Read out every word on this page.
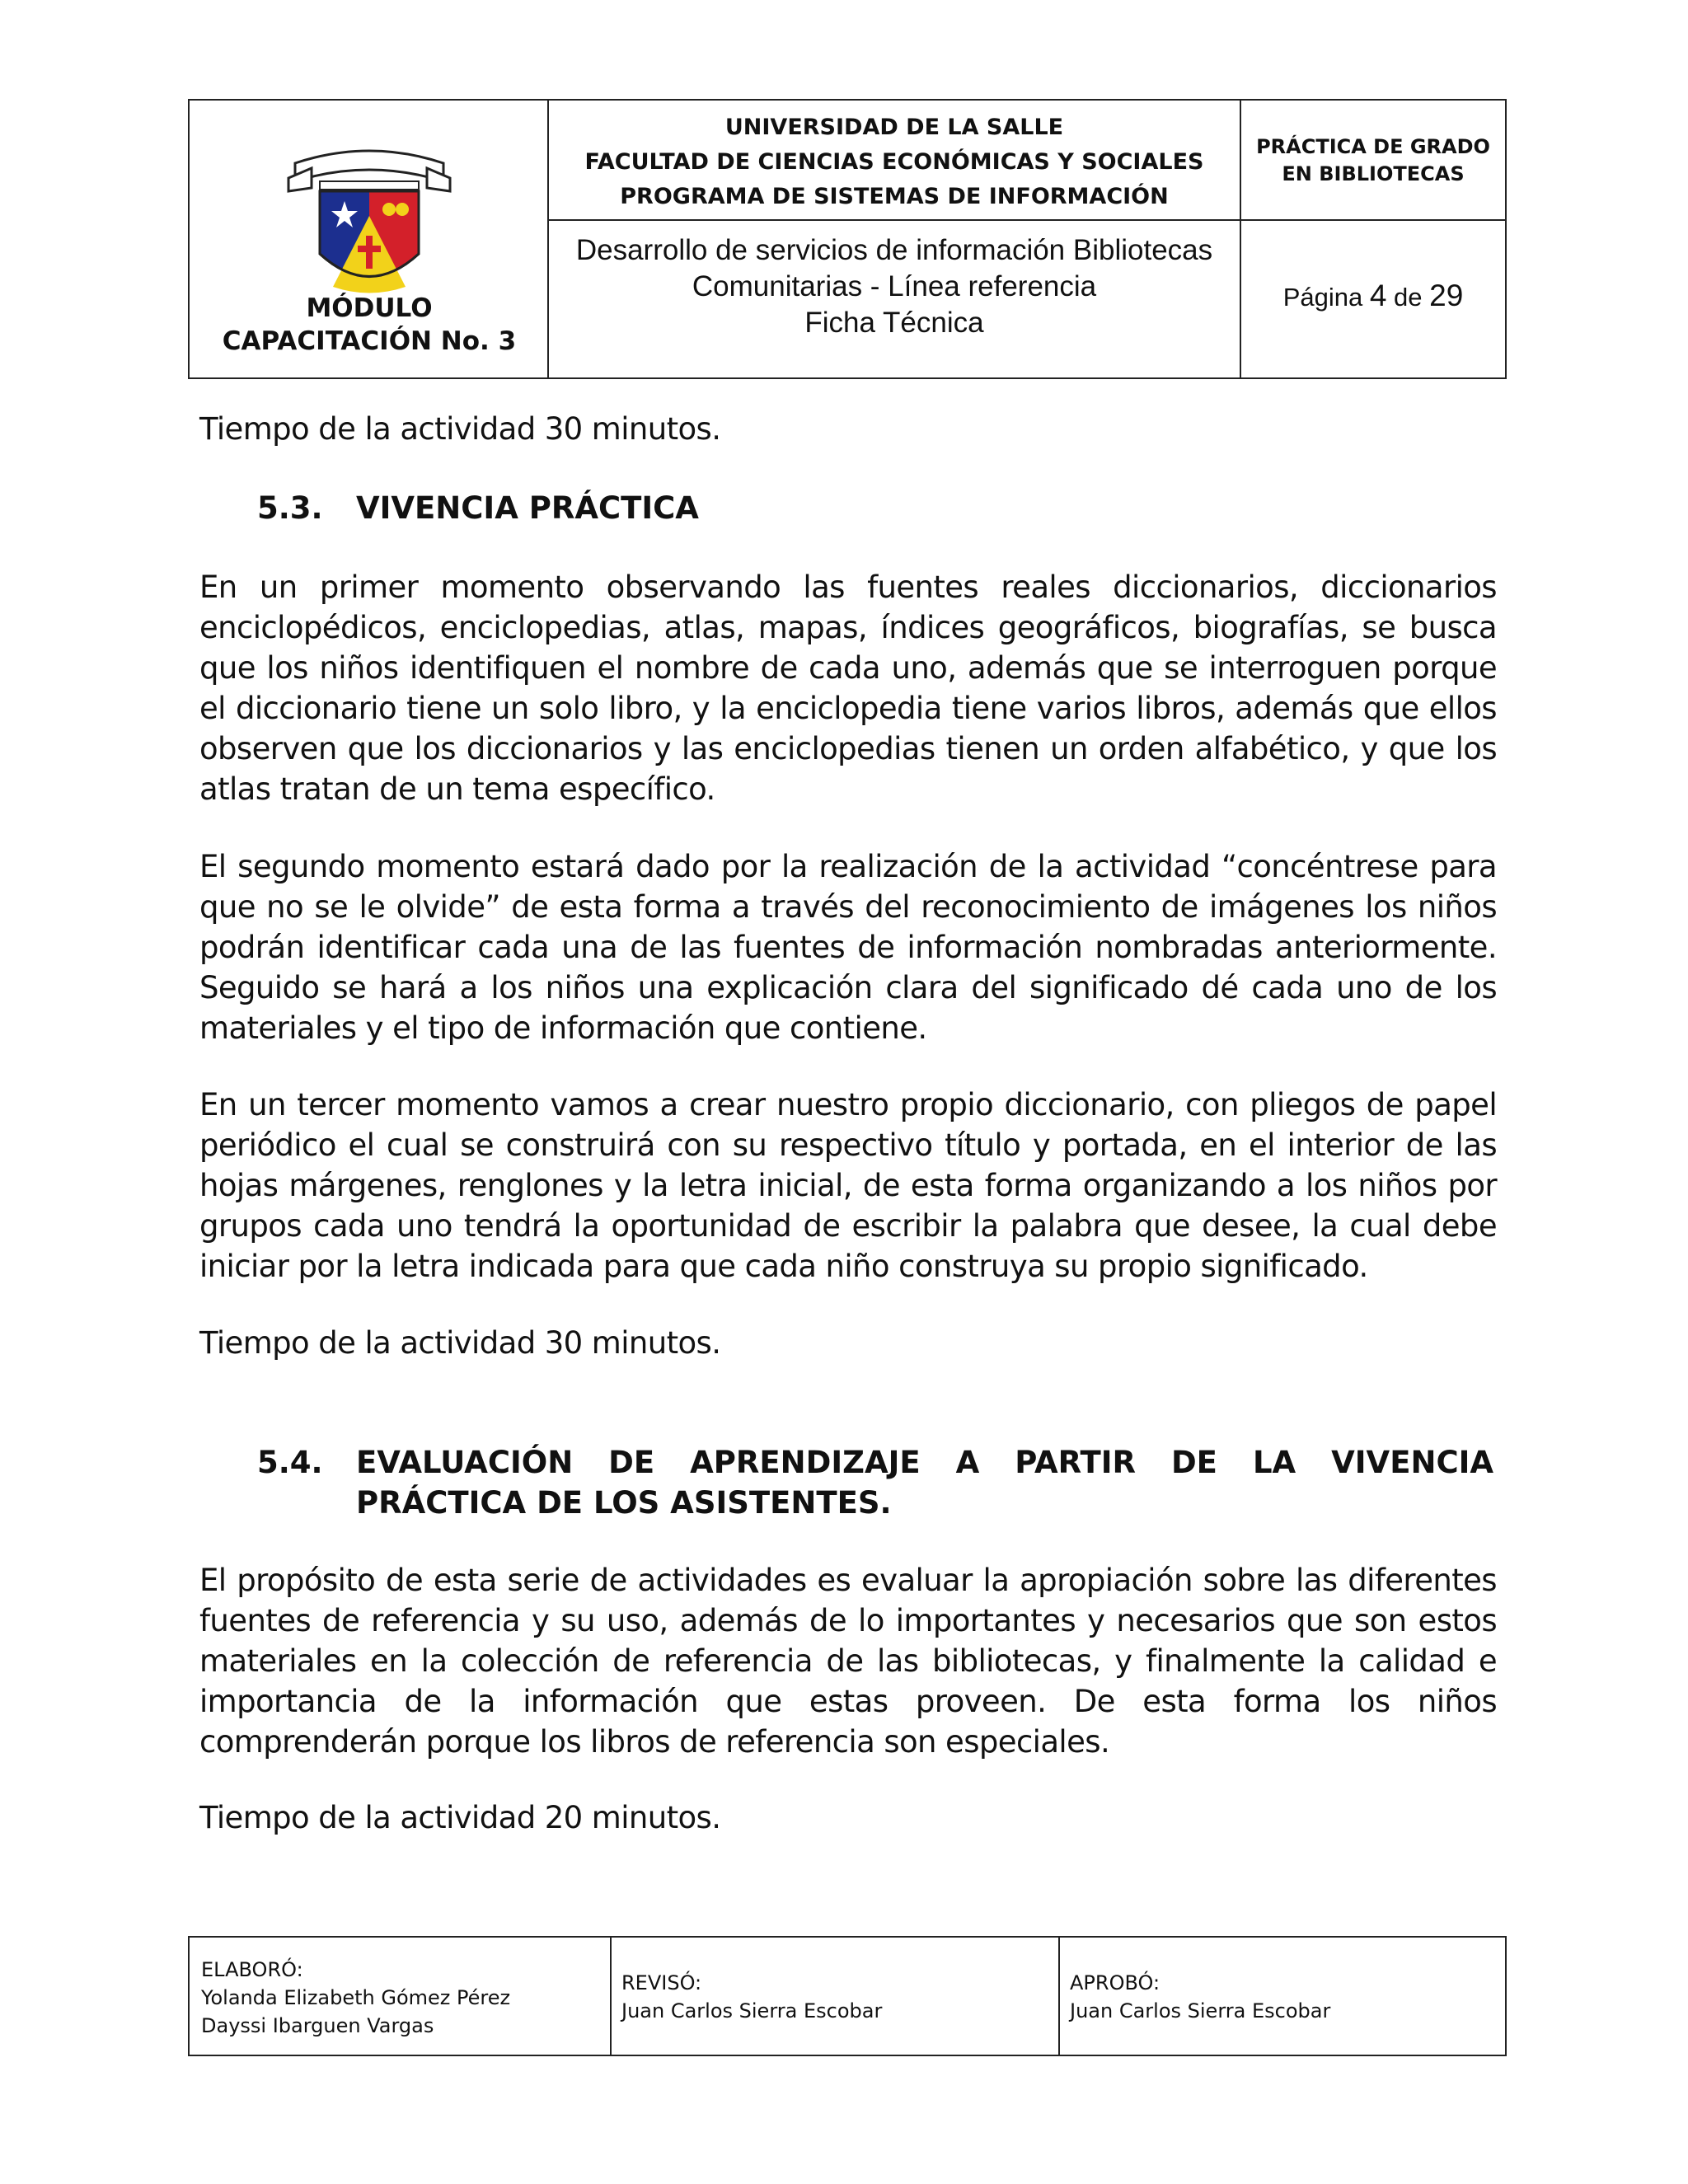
MÓDULO
CAPACITACIÓN No. 3
UNIVERSIDAD DE LA SALLE
FACULTAD DE CIENCIAS ECONÓMICAS Y SOCIALES
PROGRAMA DE SISTEMAS DE INFORMACIÓN
PRÁCTICA DE GRADO
EN BIBLIOTECAS
Desarrollo de servicios de información Bibliotecas
Comunitarias - Línea referencia
Ficha Técnica
Página 4 de 29

Tiempo de la actividad 30 minutos.

5.3. VIVENCIA PRÁCTICA

En un primer momento observando las fuentes reales diccionarios, diccionarios enciclopédicos, enciclopedias, atlas, mapas, índices geográficos, biografías, se busca que los niños identifiquen el nombre de cada uno, además que se interroguen porque el diccionario tiene un solo libro, y la enciclopedia tiene varios libros, además que ellos observen que los diccionarios y las enciclopedias tienen un orden alfabético, y que los atlas tratan de un tema específico.

El segundo momento estará dado por la realización de la actividad “concéntrese para que no se le olvide” de esta forma a través del reconocimiento de imágenes los niños podrán identificar cada una de las fuentes de información nombradas anteriormente. Seguido se hará a los niños una explicación clara del significado dé cada uno de los materiales y el tipo de información que contiene.

En un tercer momento vamos a crear nuestro propio diccionario, con pliegos de papel periódico el cual se construirá con su respectivo título y portada, en el interior de las hojas márgenes, renglones y la letra inicial, de esta forma organizando a los niños por grupos cada uno tendrá la oportunidad de escribir la palabra que desee, la cual debe iniciar por la letra indicada para que cada niño construya su propio significado.

Tiempo de la actividad 30 minutos.

5.4. EVALUACIÓN DE APRENDIZAJE A PARTIR DE LA VIVENCIA
PRÁCTICA DE LOS ASISTENTES.

El propósito de esta serie de actividades es evaluar la apropiación sobre las diferentes fuentes de referencia y su uso, además de lo importantes y necesarios que son estos materiales en la colección de referencia de las bibliotecas, y finalmente la calidad e importancia de la información que estas proveen. De esta forma los niños comprenderán porque los libros de referencia son especiales.

Tiempo de la actividad 20 minutos.

ELABORÓ:
Yolanda Elizabeth Gómez Pérez
Dayssi Ibarguen Vargas
REVISÓ:
Juan Carlos Sierra Escobar
APROBÓ:
Juan Carlos Sierra Escobar
